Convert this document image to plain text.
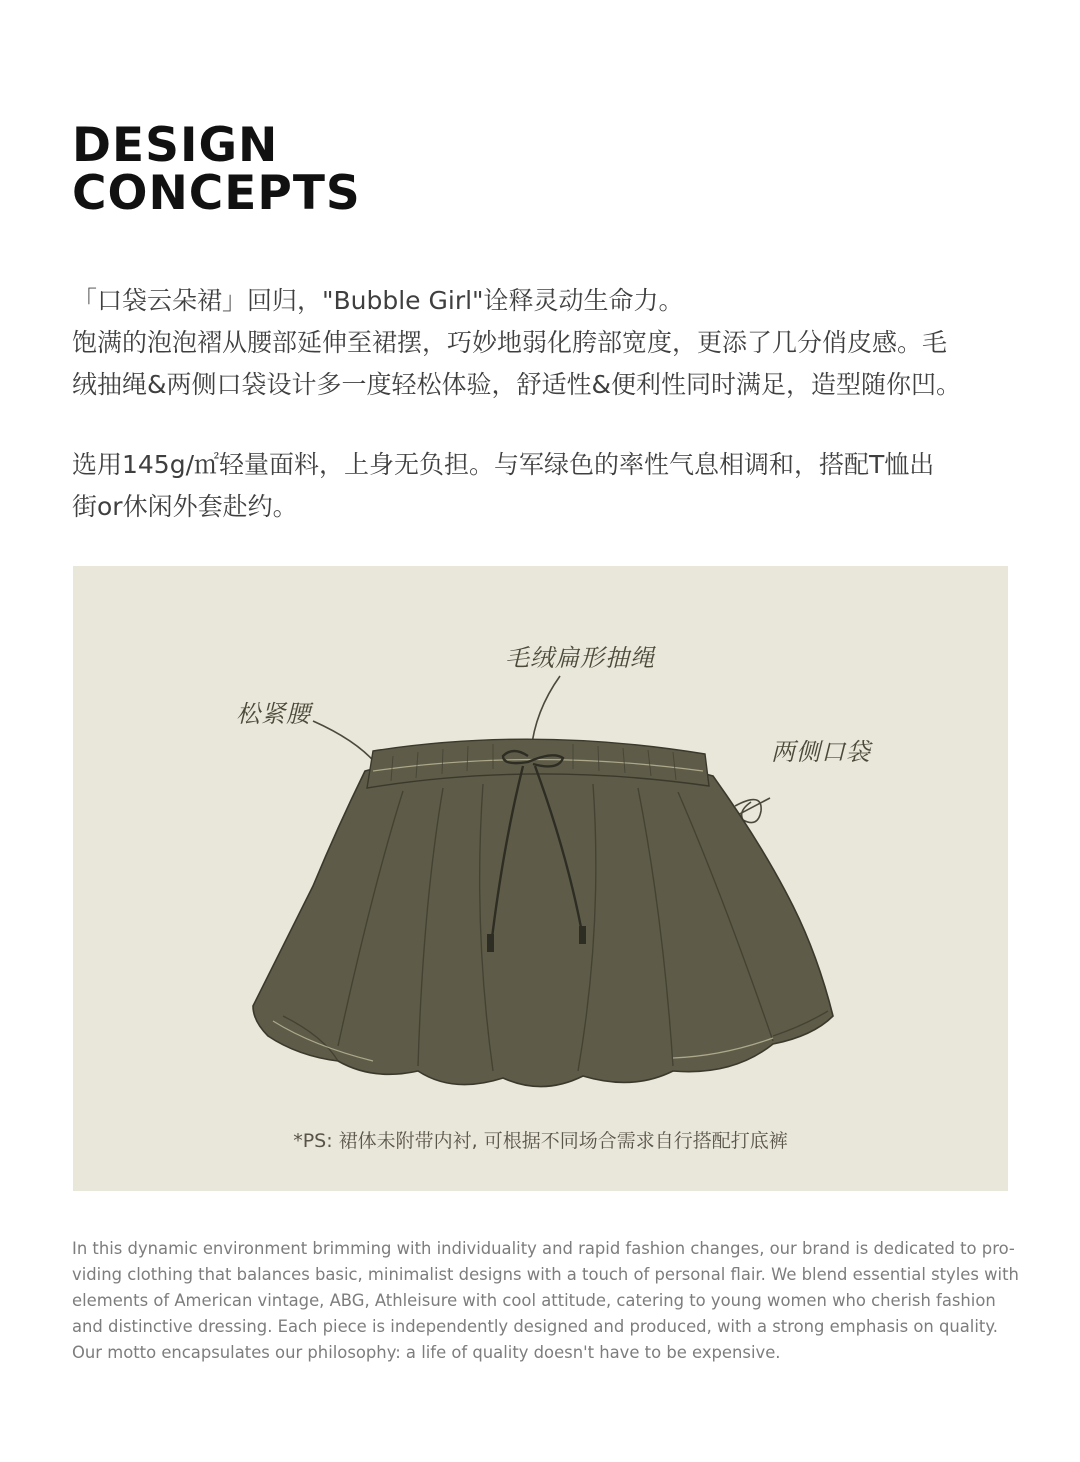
DESIGN
CONCEPTS
「口袋云朵裙」回归，"Bubble Girl"诠释灵动生命力。
饱满的泡泡褶从腰部延伸至裙摆，巧妙地弱化胯部宽度，更添了几分俏皮感。毛
绒抽绳&两侧口袋设计多一度轻松体验，舒适性&便利性同时满足，造型随你凹。
选用145g/㎡轻量面料，上身无负担。与军绿色的率性气息相调和，搭配T恤出
街or休闲外套赴约。
松紧腰
毛绒扁形抽绳
两侧口袋
*PS: 裙体未附带内衬, 可根据不同场合需求自行搭配打底裤
In this dynamic environment brimming with individuality and rapid fashion changes, our brand is dedicated to pro-
viding clothing that balances basic, minimalist designs with a touch of personal flair. We blend essential styles with
elements of American vintage, ABG, Athleisure with cool attitude, catering to young women who cherish fashion
and distinctive dressing. Each piece is independently designed and produced, with a strong emphasis on quality.
Our motto encapsulates our philosophy: a life of quality doesn't have to be expensive.
